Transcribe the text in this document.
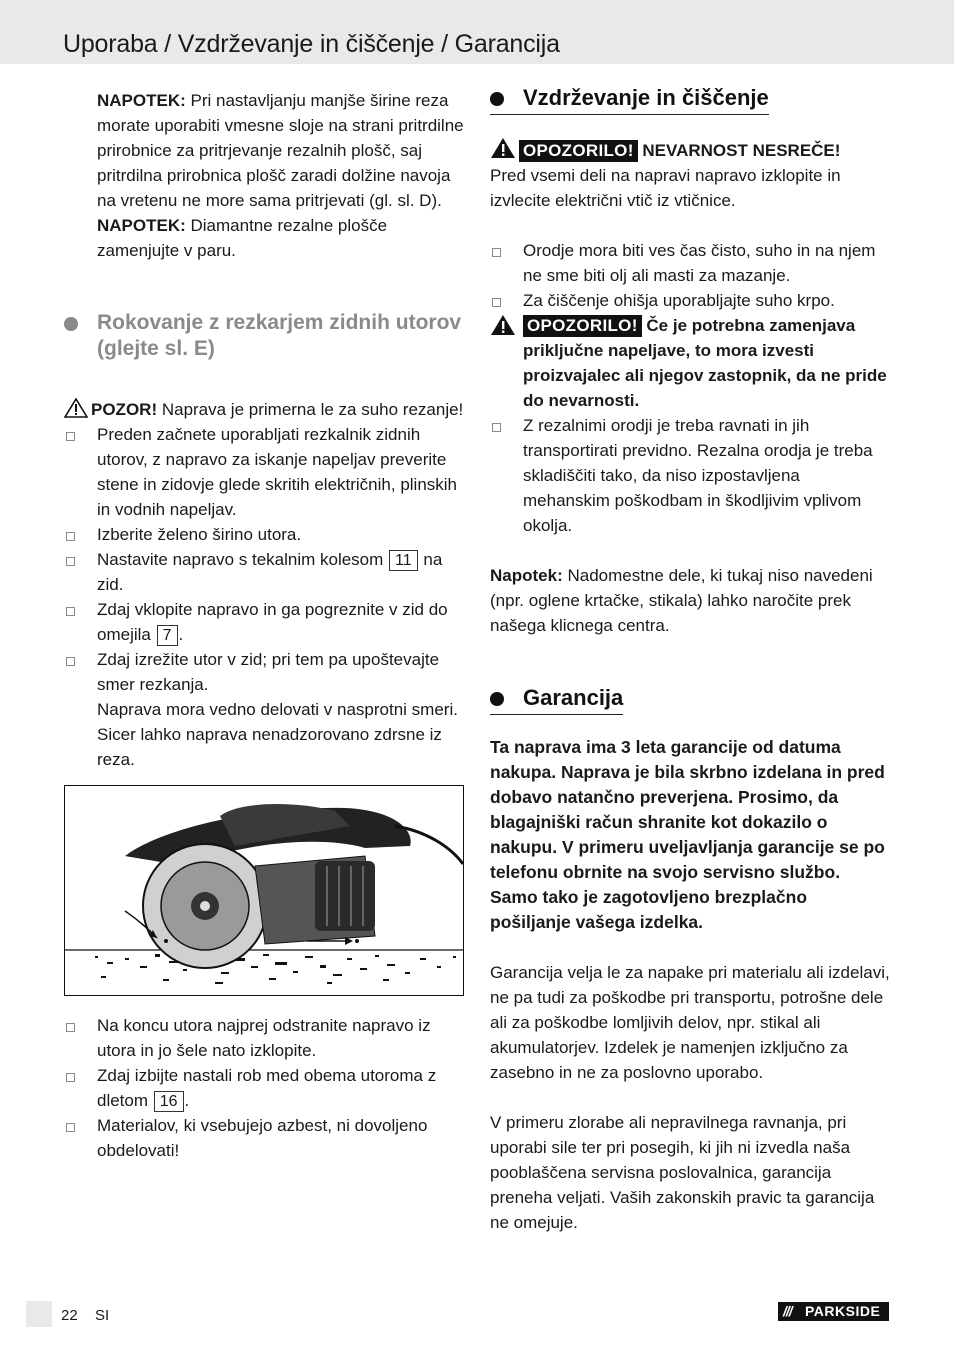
Uporaba / Vzdrževanje in čiščenje / Garancija

NAPOTEK: Pri nastavljanju manjše širine reza morate uporabiti vmesne sloje na strani pritrdilne prirobnice za pritrjevanje rezalnih plošč, saj pritrdilna prirobnica plošč zaradi dolžine navoja na vretenu ne more sama pritrjevati (gl. sl. D).

NAPOTEK: Diamantne rezalne plošče zamenjujte v paru.

Rokovanje z rezkarjem zidnih utorov (glejte sl. E)

POZOR! Naprava je primerna le za suho rezanje!

Preden začnete uporabljati rezkalnik zidnih utorov, z napravo za iskanje napeljav preverite stene in zidovje glede skritih električnih, plinskih in vodnih napeljav.

Izberite želeno širino utora.

Nastavite napravo s tekalnim kolesom 11 na zid.

Zdaj vklopite napravo in ga pogreznite v zid do omejila 7 .

Zdaj izrežite utor v zid; pri tem pa upoštevajte smer rezkanja.

Naprava mora vedno delovati v nasprotni smeri. Sicer lahko naprava nenadzorovano zdrsne iz reza.

Na koncu utora najprej odstranite napravo iz utora in jo šele nato izklopite.

Zdaj izbijte nastali rob med obema utoroma z dletom 16 .

Materialov, ki vsebujejo azbest, ni dovoljeno obdelovati!

Vzdrževanje in čiščenje

OPOZORILO! NEVARNOST NESREČE!

Pred vsemi deli na napravi napravo izklopite in izvlecite električni vtič iz vtičnice.

Orodje mora biti ves čas čisto, suho in na njem ne sme biti olj ali masti za mazanje.

Za čiščenje ohišja uporabljajte suho krpo.

OPOZORILO! Če je potrebna zamenjava priključne napeljave, to mora izvesti proizvajalec ali njegov zastopnik, da ne pride do nevarnosti.

Z rezalnimi orodji je treba ravnati in jih transportirati previdno. Rezalna orodja je treba skladiščiti tako, da niso izpostavljena mehanskim poškodbam in škodljivim vplivom okolja.

Napotek: Nadomestne dele, ki tukaj niso navedeni (npr. oglene krtačke, stikala) lahko naročite prek našega klicnega centra.

Garancija

Ta naprava ima 3 leta garancije od datuma nakupa. Naprava je bila skrbno izdelana in pred dobavo natančno preverjena. Prosimo, da blagajniški račun shranite kot dokazilo o nakupu. V primeru uveljavljanja garancije se po telefonu obrnite na svojo servisno službo. Samo tako je zagotovljeno brezplačno pošiljanje vašega izdelka.

Garancija velja le za napake pri materialu ali izdelavi, ne pa tudi za poškodbe pri transportu, potrošne dele ali za poškodbe lomljivih delov, npr. stikal ali akumulatorjev. Izdelek je namenjen izključno za zasebno in ne za poslovno uporabo.

V primeru zlorabe ali nepravilnega ravnanja, pri uporabi sile ter pri posegih, ki jih ni izvedla naša pooblaščena servisna poslovalnica, garancija preneha veljati. Vaših zakonskih pravic ta garancija ne omejuje.

22 SI	/// PARKSIDE
